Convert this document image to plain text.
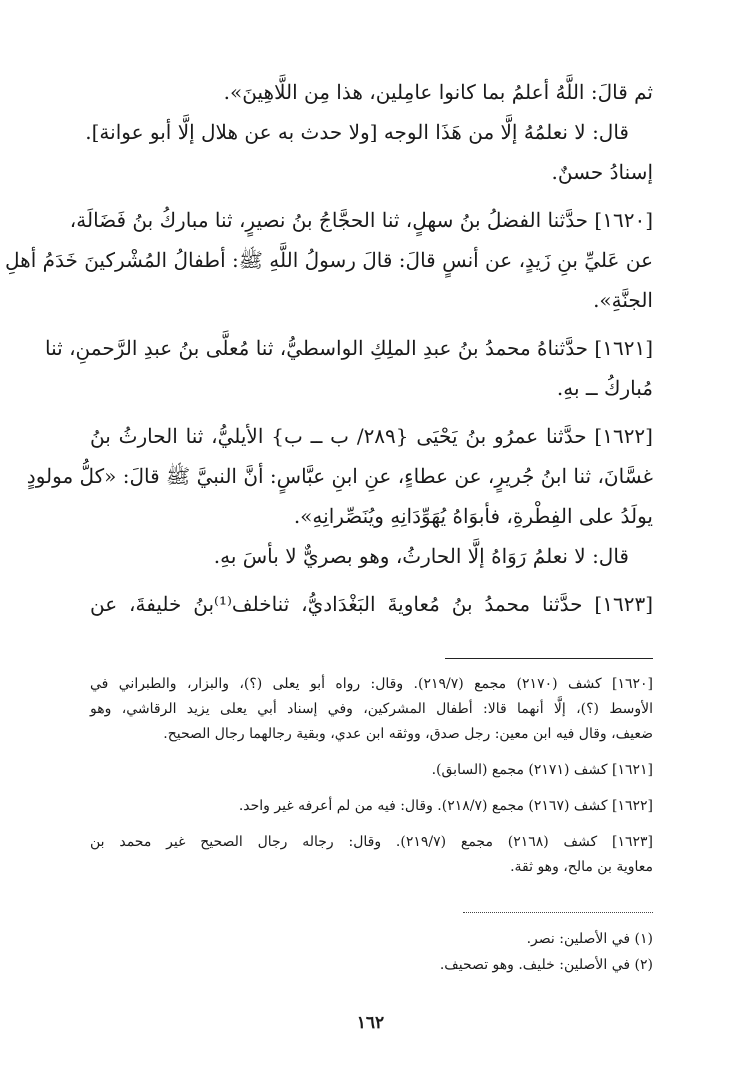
ثم قالَ: اللَّهُ أعلمُ بما كانوا عامِلين، هذا مِن اللَّاهِينَ».
قال: لا نعلمُهُ إلَّا من هَذَا الوجه [ولا حدث به عن هلال إلَّا أبو عوانة].
إسنادُ حسنٌ.
[١٦٢٠] حدَّثنا الفضلُ بنُ سهلٍ، ثنا الحجَّاجُ بنُ نصيرٍ، ثنا مباركُ بنُ فَضَالَة،
عن عَليِّ بنِ زَيدٍ، عن أنسٍ قالَ: قالَ رسولُ اللَّهِ ﷺ: أطفالُ المُشْركينَ خَدَمُ أهلِ
الجنَّةِ».
[١٦٢١] حدَّثناهُ محمدُ بنُ عبدِ الملِكِ الواسطيُّ، ثنا مُعلَّى بنُ عبدِ الرَّحمنِ، ثنا
مُباركُ ــ بهِ.
[١٦٢٢] حدَّثنا عمرُو بنُ يَحْيَى {٢٨٩/ ب ــ ب} الأيليُّ، ثنا الحارثُ بنُ
غسَّانَ، ثنا ابنُ جُريرٍ، عن عطاءٍ، عنِ ابنِ عبَّاسٍ: أنَّ النبيَّ ﷺ قالَ: «كلُّ مولودٍ
يولَدُ على الفِطْرةِ، فأبوَاهُ يُهَوِّدَانِهِ ويُنَصِّرانِهِ».
قال: لا نعلمُ رَوَاهُ إلَّا الحارثُ، وهو بصريٌّ لا بأسَ بهِ.
[١٦٢٣] حدَّثنا محمدُ بنُ مُعاويةَ البَغْدَاديُّ، ثناخلف⁽¹⁾بنُ خليفةَ، عن
[١٦٢٠] كشف (٢١٧٠) مجمع (٢١٩/٧). وقال: رواه أبو يعلى (؟)، والبزار، والطبراني في
الأوسط (؟)، إلَّا أنهما قالا: أطفال المشركين، وفي إسناد أبي يعلى يزيد الرقاشي، وهو
ضعيف، وقال فيه ابن معين: رجل صدق، ووثقه ابن عدي، وبقية رجالهما رجال الصحيح.
[١٦٢١] كشف (٢١٧١) مجمع (السابق).
[١٦٢٢] كشف (٢١٦٧) مجمع (٢١٨/٧). وقال: فيه من لم أعرفه غير واحد.
[١٦٢٣] كشف (٢١٦٨) مجمع (٢١٩/٧). وقال: رجاله رجال الصحيح غير محمد بن
معاوية بن مالح، وهو ثقة.
(١) في الأصلين: نصر.
(٢) في الأصلين: خليف. وهو تصحيف.
١٦٢
